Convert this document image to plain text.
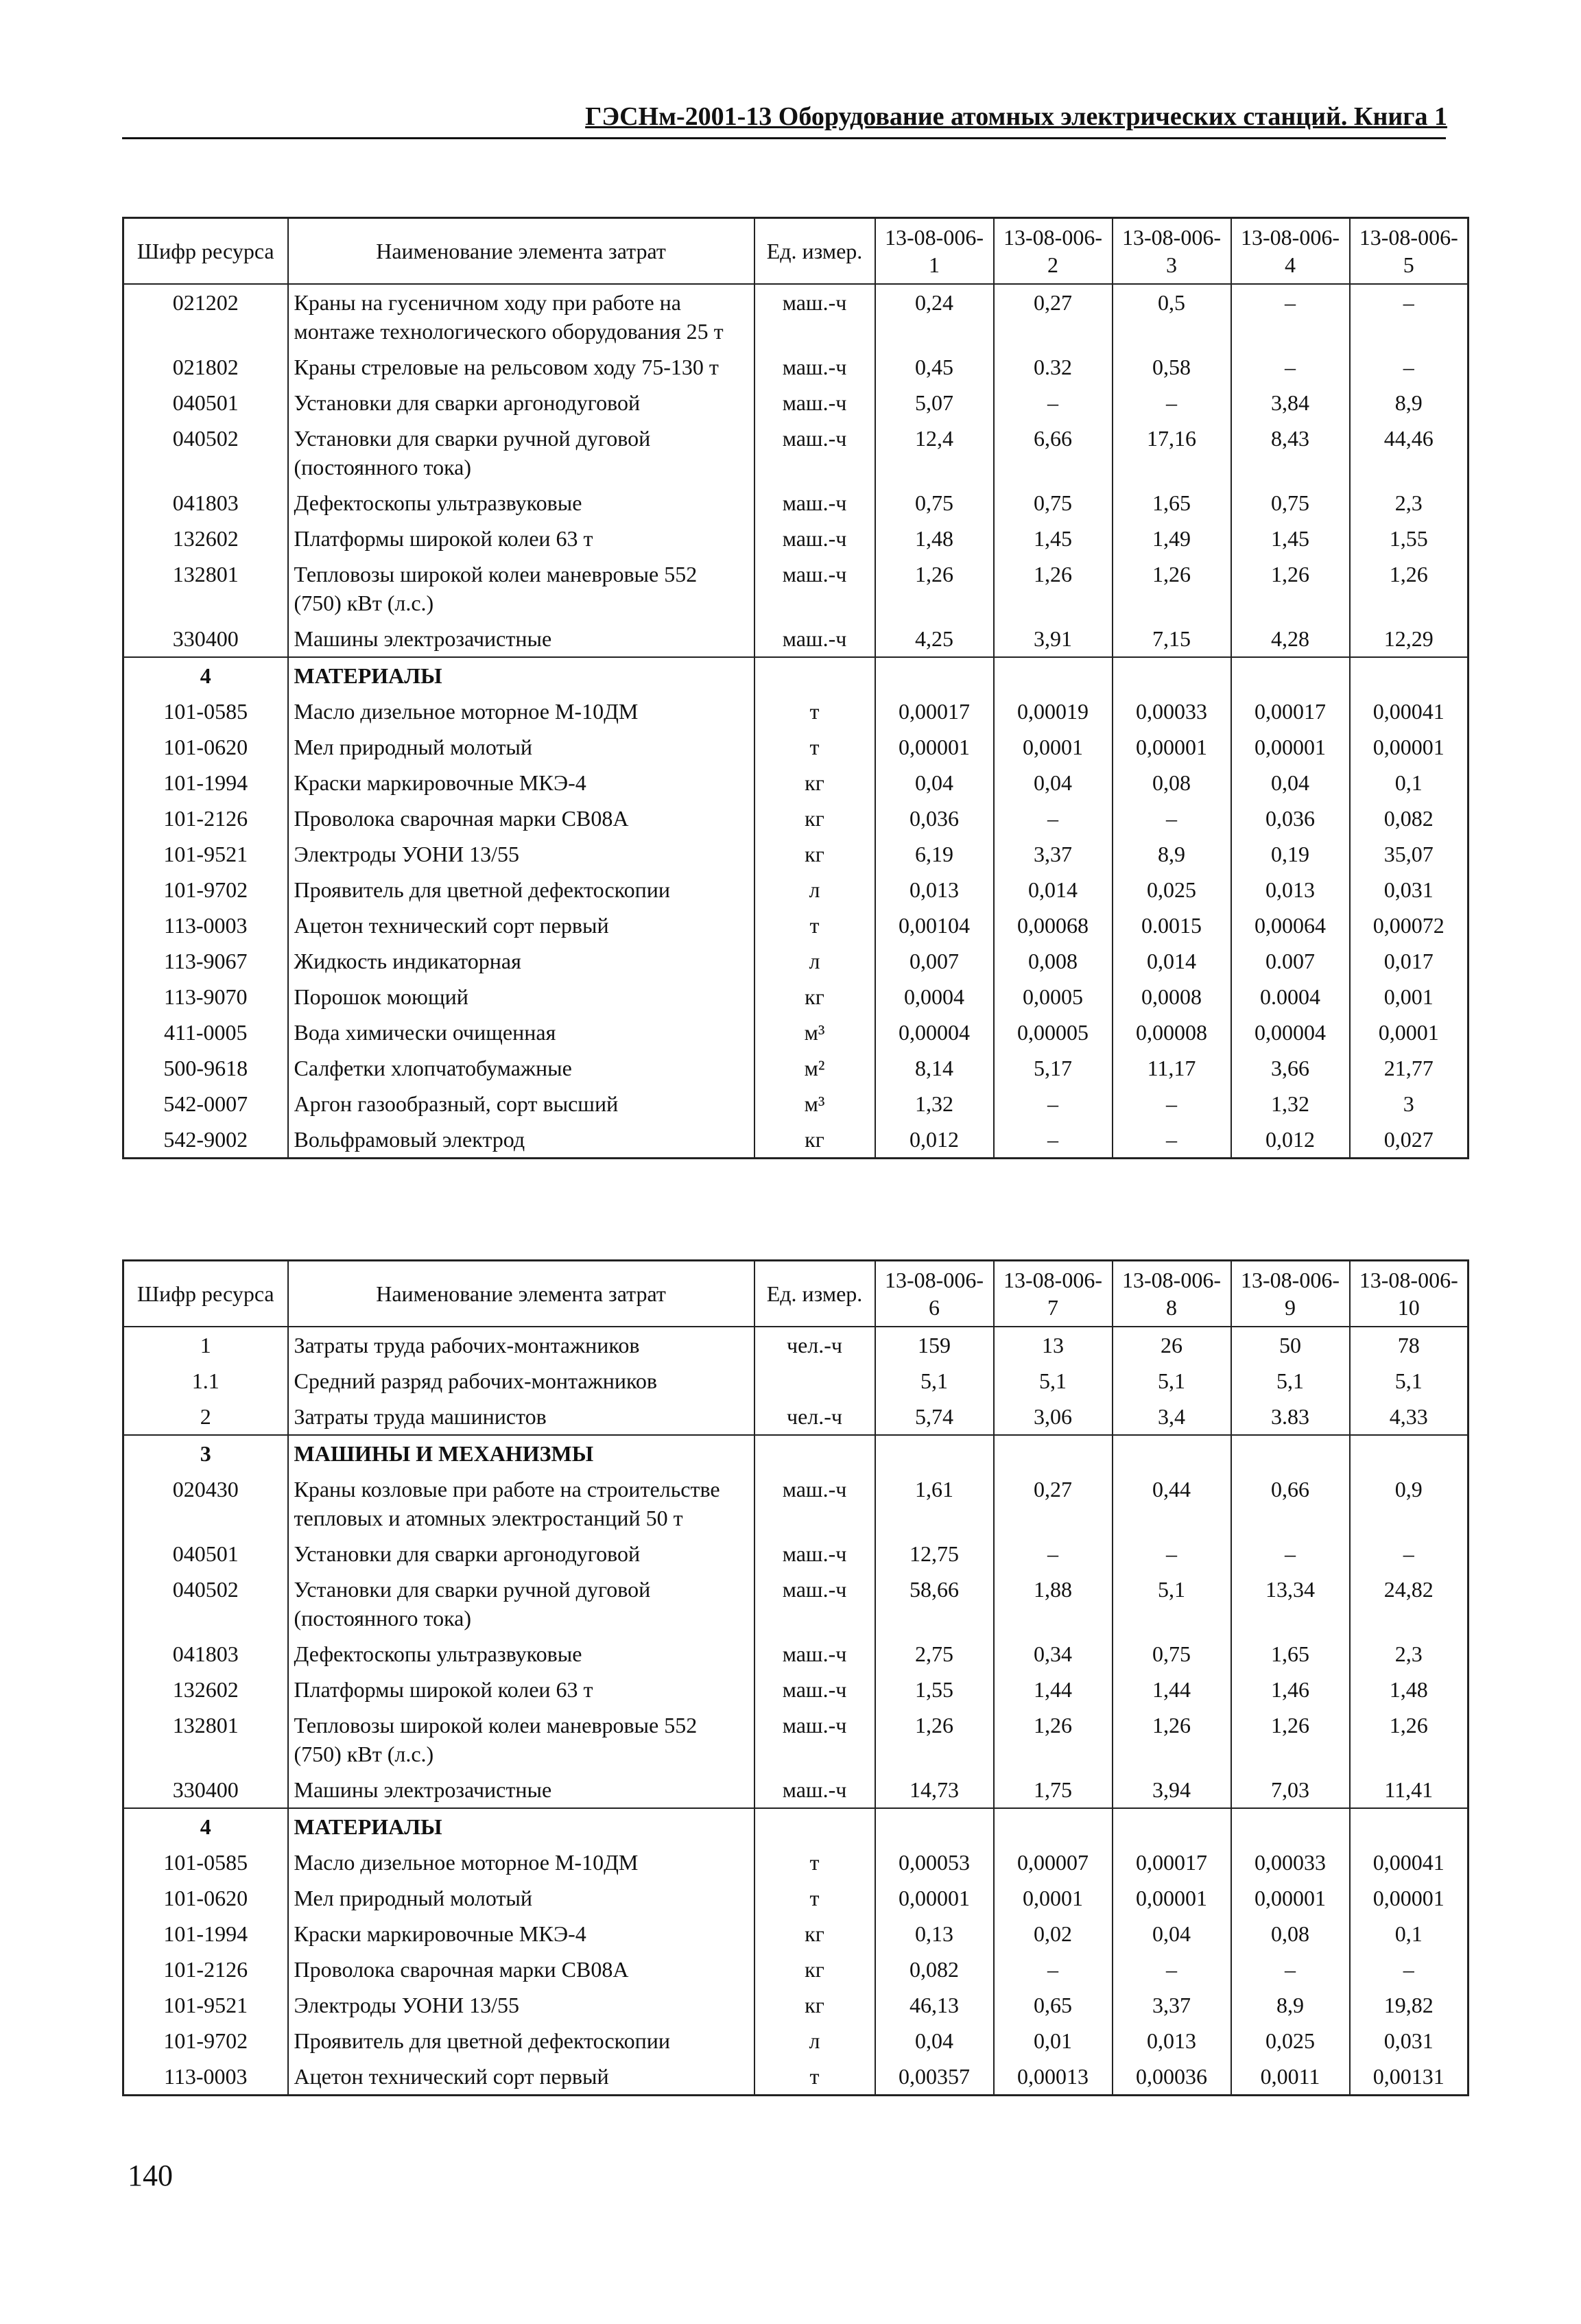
ГЭСНм-2001-13 Оборудование атомных электрических станций. Книга 1
Шифр ресурса	Наименование элемента затрат	Ед. измер.	13-08-006-1	13-08-006-2	13-08-006-3	13-08-006-4	13-08-006-5
021202	Краны на гусеничном ходу при работе на монтаже технологического оборудования 25 т	маш.-ч	0,24	0,27	0,5	–	–
021802	Краны стреловые на рельсовом ходу 75-130 т	маш.-ч	0,45	0.32	0,58	–	–
040501	Установки для сварки аргонодуговой	маш.-ч	5,07	–	–	3,84	8,9
040502	Установки для сварки ручной дуговой (постоянного тока)	маш.-ч	12,4	6,66	17,16	8,43	44,46
041803	Дефектоскопы ультразвуковые	маш.-ч	0,75	0,75	1,65	0,75	2,3
132602	Платформы широкой колеи 63 т	маш.-ч	1,48	1,45	1,49	1,45	1,55
132801	Тепловозы широкой колеи маневровые 552 (750) кВт (л.с.)	маш.-ч	1,26	1,26	1,26	1,26	1,26
330400	Машины электрозачистные	маш.-ч	4,25	3,91	7,15	4,28	12,29
4	МАТЕРИАЛЫ						
101-0585	Масло дизельное моторное М-10ДМ	т	0,00017	0,00019	0,00033	0,00017	0,00041
101-0620	Мел природный молотый	т	0,00001	0,0001	0,00001	0,00001	0,00001
101-1994	Краски маркировочные МКЭ-4	кг	0,04	0,04	0,08	0,04	0,1
101-2126	Проволока сварочная марки СВ08А	кг	0,036	–	–	0,036	0,082
101-9521	Электроды УОНИ 13/55	кг	6,19	3,37	8,9	0,19	35,07
101-9702	Проявитель для цветной дефектоскопии	л	0,013	0,014	0,025	0,013	0,031
113-0003	Ацетон технический сорт первый	т	0,00104	0,00068	0.0015	0,00064	0,00072
113-9067	Жидкость индикаторная	л	0,007	0,008	0,014	0.007	0,017
113-9070	Порошок моющий	кг	0,0004	0,0005	0,0008	0.0004	0,001
411-0005	Вода химически очищенная	м³	0,00004	0,00005	0,00008	0,00004	0,0001
500-9618	Салфетки хлопчатобумажные	м²	8,14	5,17	11,17	3,66	21,77
542-0007	Аргон газообразный, сорт высший	м³	1,32	–	–	1,32	3
542-9002	Вольфрамовый электрод	кг	0,012	–	–	0,012	0,027
Шифр ресурса	Наименование элемента затрат	Ед. измер.	13-08-006-6	13-08-006-7	13-08-006-8	13-08-006-9	13-08-006-10
1	Затраты труда рабочих-монтажников	чел.-ч	159	13	26	50	78
1.1	Средний разряд рабочих-монтажников		5,1	5,1	5,1	5,1	5,1
2	Затраты труда машинистов	чел.-ч	5,74	3,06	3,4	3.83	4,33
3	МАШИНЫ И МЕХАНИЗМЫ						
020430	Краны козловые при работе на строительстве тепловых и атомных электростанций 50 т	маш.-ч	1,61	0,27	0,44	0,66	0,9
040501	Установки для сварки аргонодуговой	маш.-ч	12,75	–	–	–	–
040502	Установки для сварки ручной дуговой (постоянного тока)	маш.-ч	58,66	1,88	5,1	13,34	24,82
041803	Дефектоскопы ультразвуковые	маш.-ч	2,75	0,34	0,75	1,65	2,3
132602	Платформы широкой колеи 63 т	маш.-ч	1,55	1,44	1,44	1,46	1,48
132801	Тепловозы широкой колеи маневровые 552 (750) кВт (л.с.)	маш.-ч	1,26	1,26	1,26	1,26	1,26
330400	Машины электрозачистные	маш.-ч	14,73	1,75	3,94	7,03	11,41
4	МАТЕРИАЛЫ						
101-0585	Масло дизельное моторное М-10ДМ	т	0,00053	0,00007	0,00017	0,00033	0,00041
101-0620	Мел природный молотый	т	0,00001	0,0001	0,00001	0,00001	0,00001
101-1994	Краски маркировочные МКЭ-4	кг	0,13	0,02	0,04	0,08	0,1
101-2126	Проволока сварочная марки СВ08А	кг	0,082	–	–	–	–
101-9521	Электроды УОНИ 13/55	кг	46,13	0,65	3,37	8,9	19,82
101-9702	Проявитель для цветной дефектоскопии	л	0,04	0,01	0,013	0,025	0,031
113-0003	Ацетон технический сорт первый	т	0,00357	0,00013	0,00036	0,0011	0,00131
140
